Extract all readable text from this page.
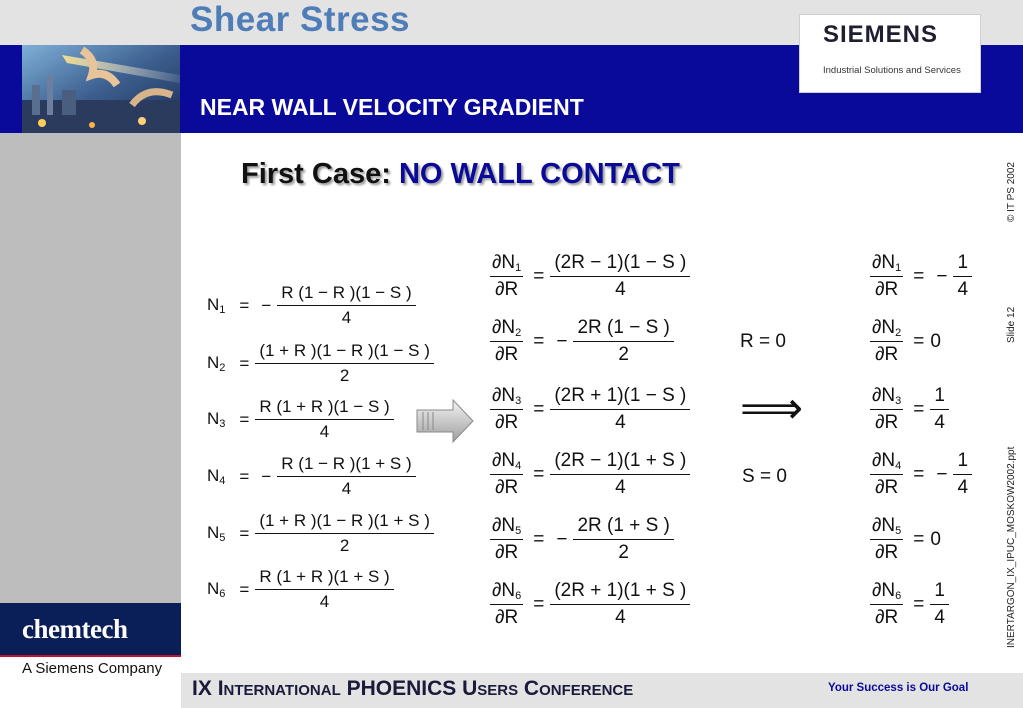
Shear Stress
NEAR WALL VELOCITY GRADIENT
SIEMENS
Industrial Solutions and Services
chemtech
A Siemens Company
IX International PHOENICS Users Conference	Your Success is Our Goal
© IT PS 2002
Slide 12
INERTARGON_IX_IPUC_MOSKOW2002.ppt
First Case: NO WALL CONTACT
$N_1$ = − $\frac{R (1 - R )(1 - S )}{4}$
$N_2 = \frac{(1 + R )(1 - R )(1 - S )}{2}$
$N_3 = \frac{R (1 + R )(1 - S )}{4}$
$N_4$ = − $\frac{R (1 - R )(1 + S )}{4}$
$N_5 = \frac{(1 + R )(1 - R )(1 + S )}{2}$
$N_6 = \frac{R (1 + R )(1 + S )}{4}$
$\frac{\partial N_1}{\partial R} = \frac{(2R - 1)(1 - S )}{4}$
$\frac{\partial N_2}{\partial R}$ = − $\frac{2R (1 - S )}{2}$
$\frac{\partial N_3}{\partial R} = \frac{(2R + 1)(1 - S )}{4}$
$\frac{\partial N_4}{\partial R} = \frac{(2R - 1)(1 + S )}{4}$
$\frac{\partial N_5}{\partial R}$ = − $\frac{2R (1 + S )}{2}$
$\frac{\partial N_6}{\partial R} = \frac{(2R + 1)(1 + S )}{4}$
R = 0
⟹
S = 0
$\frac{\partial N_1}{\partial R}$ = − $\frac{1}{4}$
$\frac{\partial N_2}{\partial R} = 0$
$\frac{\partial N_3}{\partial R} = \frac{1}{4}$
$\frac{\partial N_4}{\partial R}$ = − $\frac{1}{4}$
$\frac{\partial N_5}{\partial R} = 0$
$\frac{\partial N_6}{\partial R} = \frac{1}{4}$
